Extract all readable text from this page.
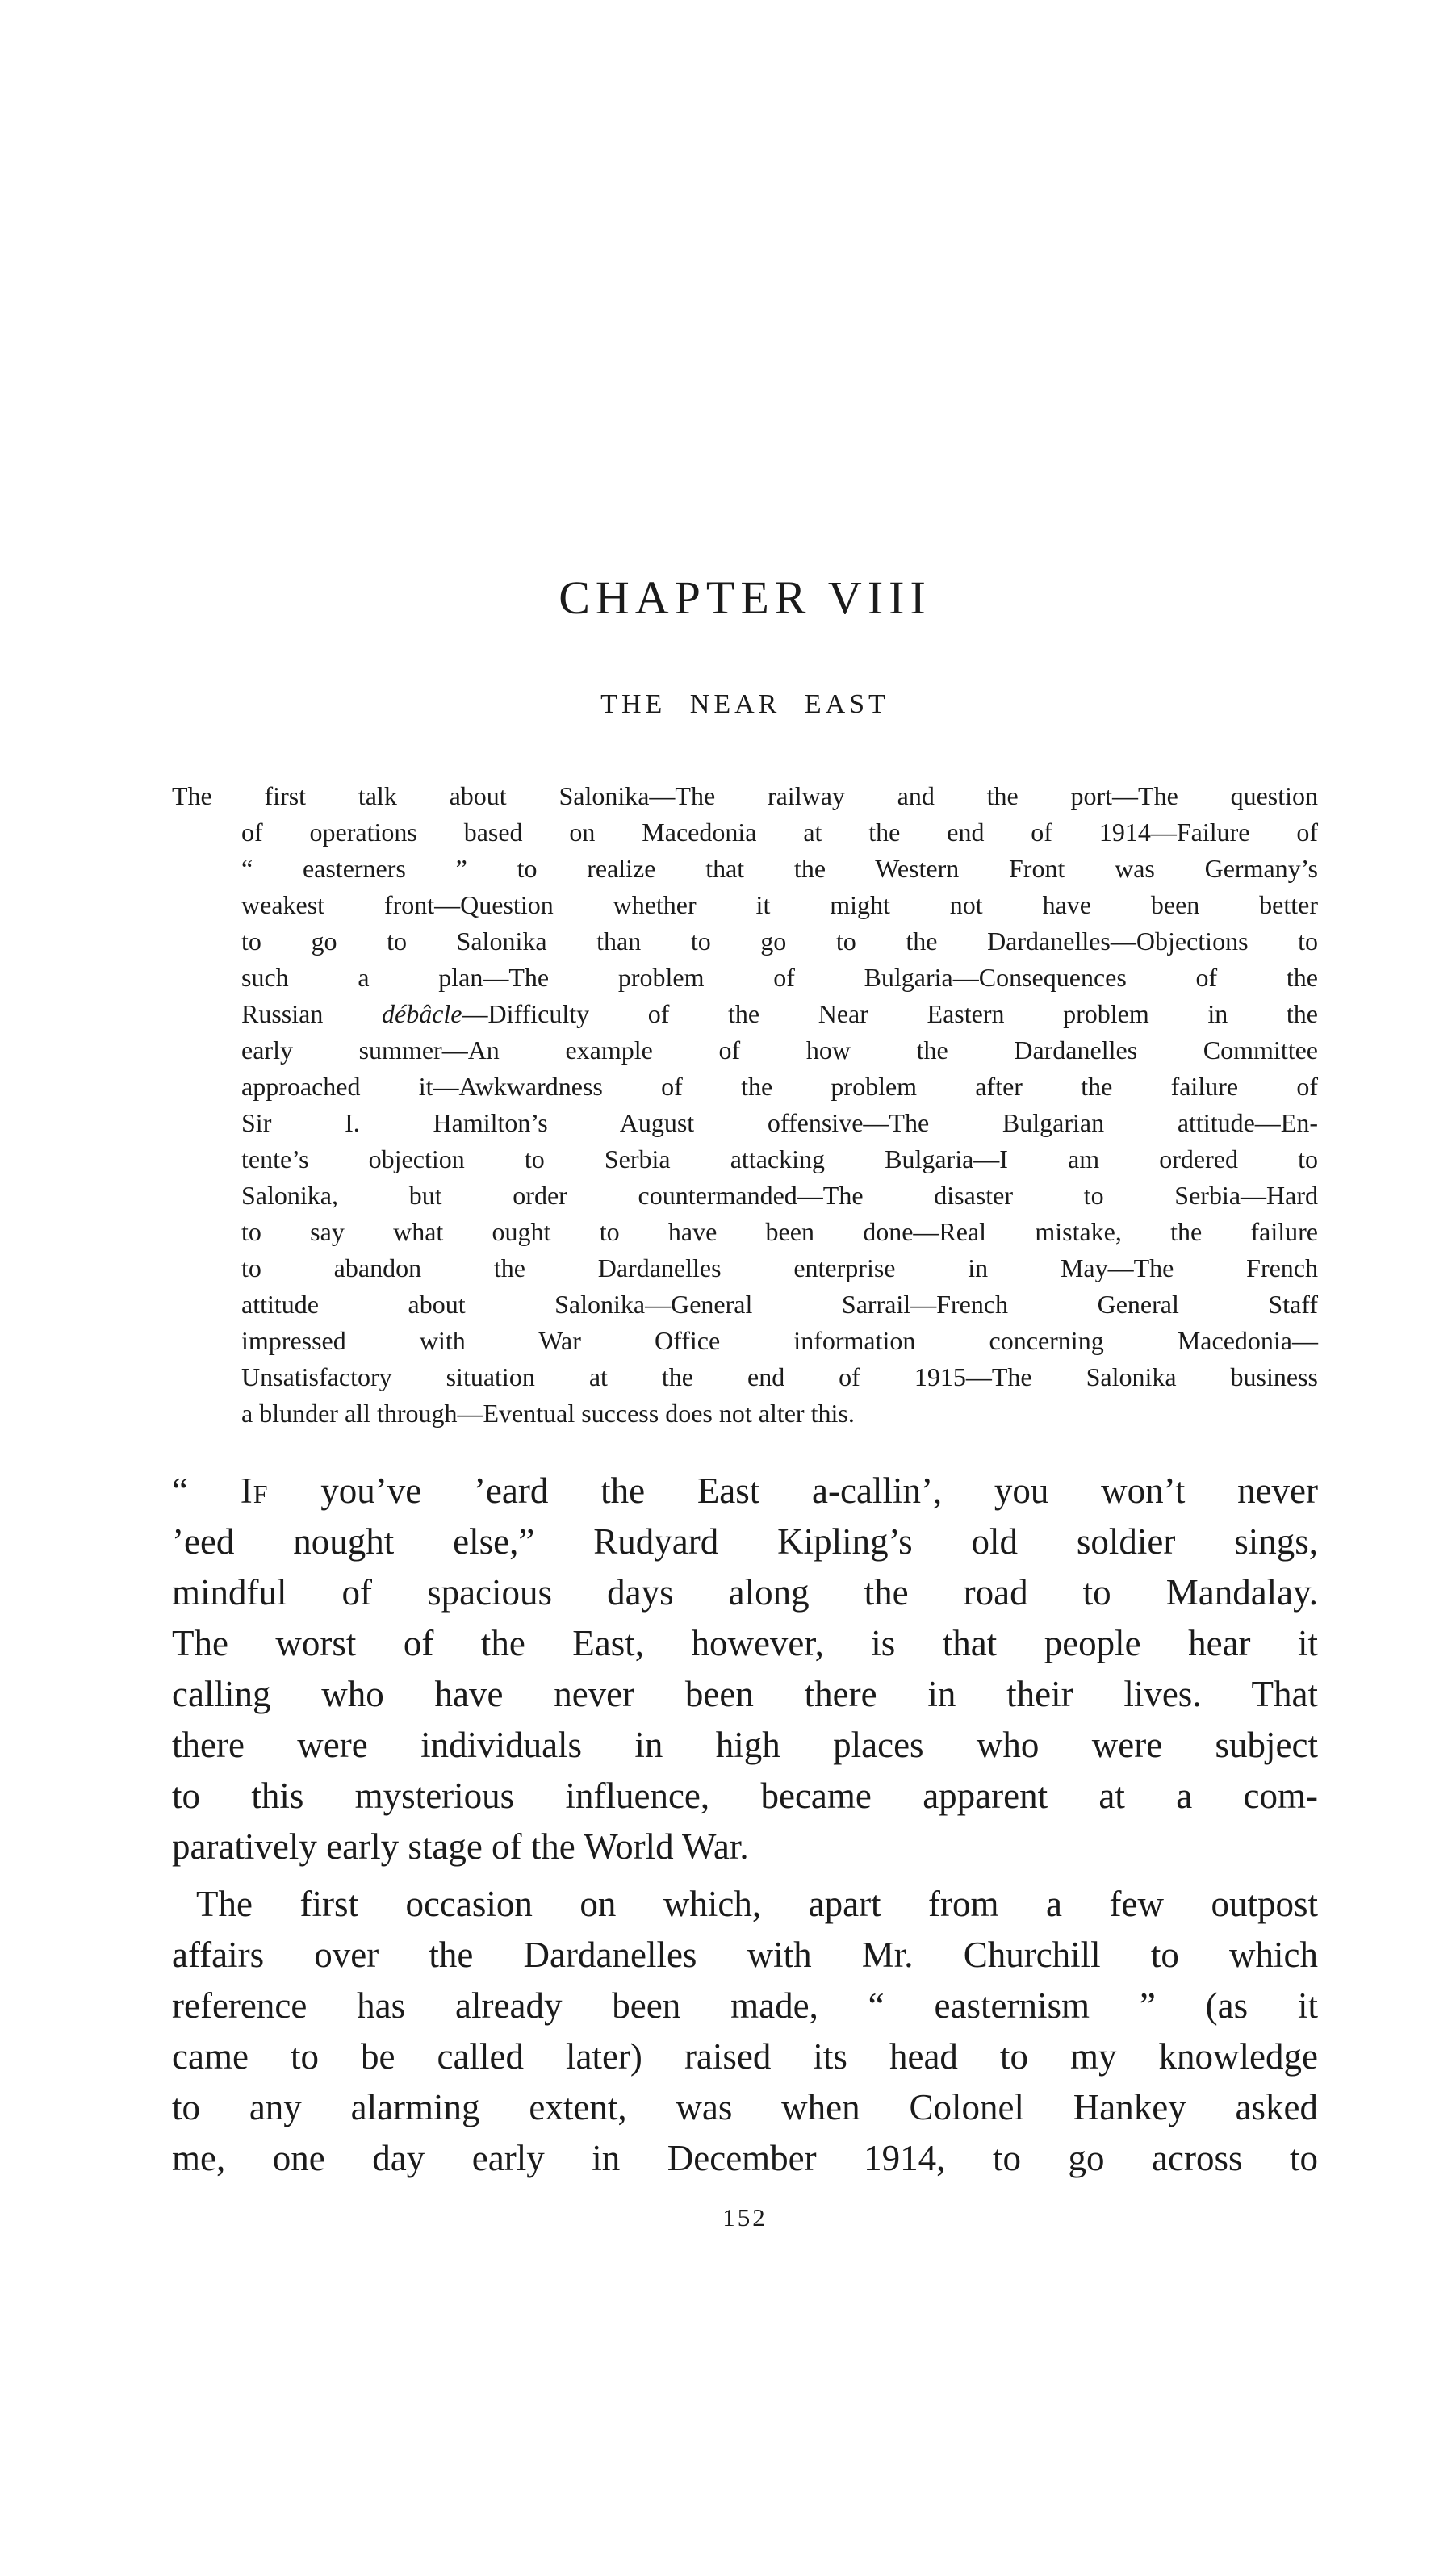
CHAPTER VIII
THE NEAR EAST
The first talk about Salonika—The railway and the port—The question
of operations based on Macedonia at the end of 1914—Failure of
“ easterners ” to realize that the Western Front was Germany’s
weakest front—Question whether it might not have been better
to go to Salonika than to go to the Dardanelles—Objections to
such a plan—The problem of Bulgaria—Consequences of the
Russian débâcle—Difficulty of the Near Eastern problem in the
early summer—An example of how the Dardanelles Committee
approached it—Awkwardness of the problem after the failure of
Sir I. Hamilton’s August offensive—The Bulgarian attitude—En-
tente’s objection to Serbia attacking Bulgaria—I am ordered to
Salonika, but order countermanded—The disaster to Serbia—Hard
to say what ought to have been done—Real mistake, the failure
to abandon the Dardanelles enterprise in May—The French
attitude about Salonika—General Sarrail—French General Staff
impressed with War Office information concerning Macedonia—
Unsatisfactory situation at the end of 1915—The Salonika business
a blunder all through—Eventual success does not alter this.
“ If you’ve ’eard the East a-callin’, you won’t never
’eed nought else,” Rudyard Kipling’s old soldier sings,
mindful of spacious days along the road to Mandalay.
The worst of the East, however, is that people hear it
calling who have never been there in their lives. That
there were individuals in high places who were subject
to this mysterious influence, became apparent at a com-
paratively early stage of the World War.
The first occasion on which, apart from a few outpost
affairs over the Dardanelles with Mr. Churchill to which
reference has already been made, “ easternism ” (as it
came to be called later) raised its head to my knowledge
to any alarming extent, was when Colonel Hankey asked
me, one day early in December 1914, to go across to
152
